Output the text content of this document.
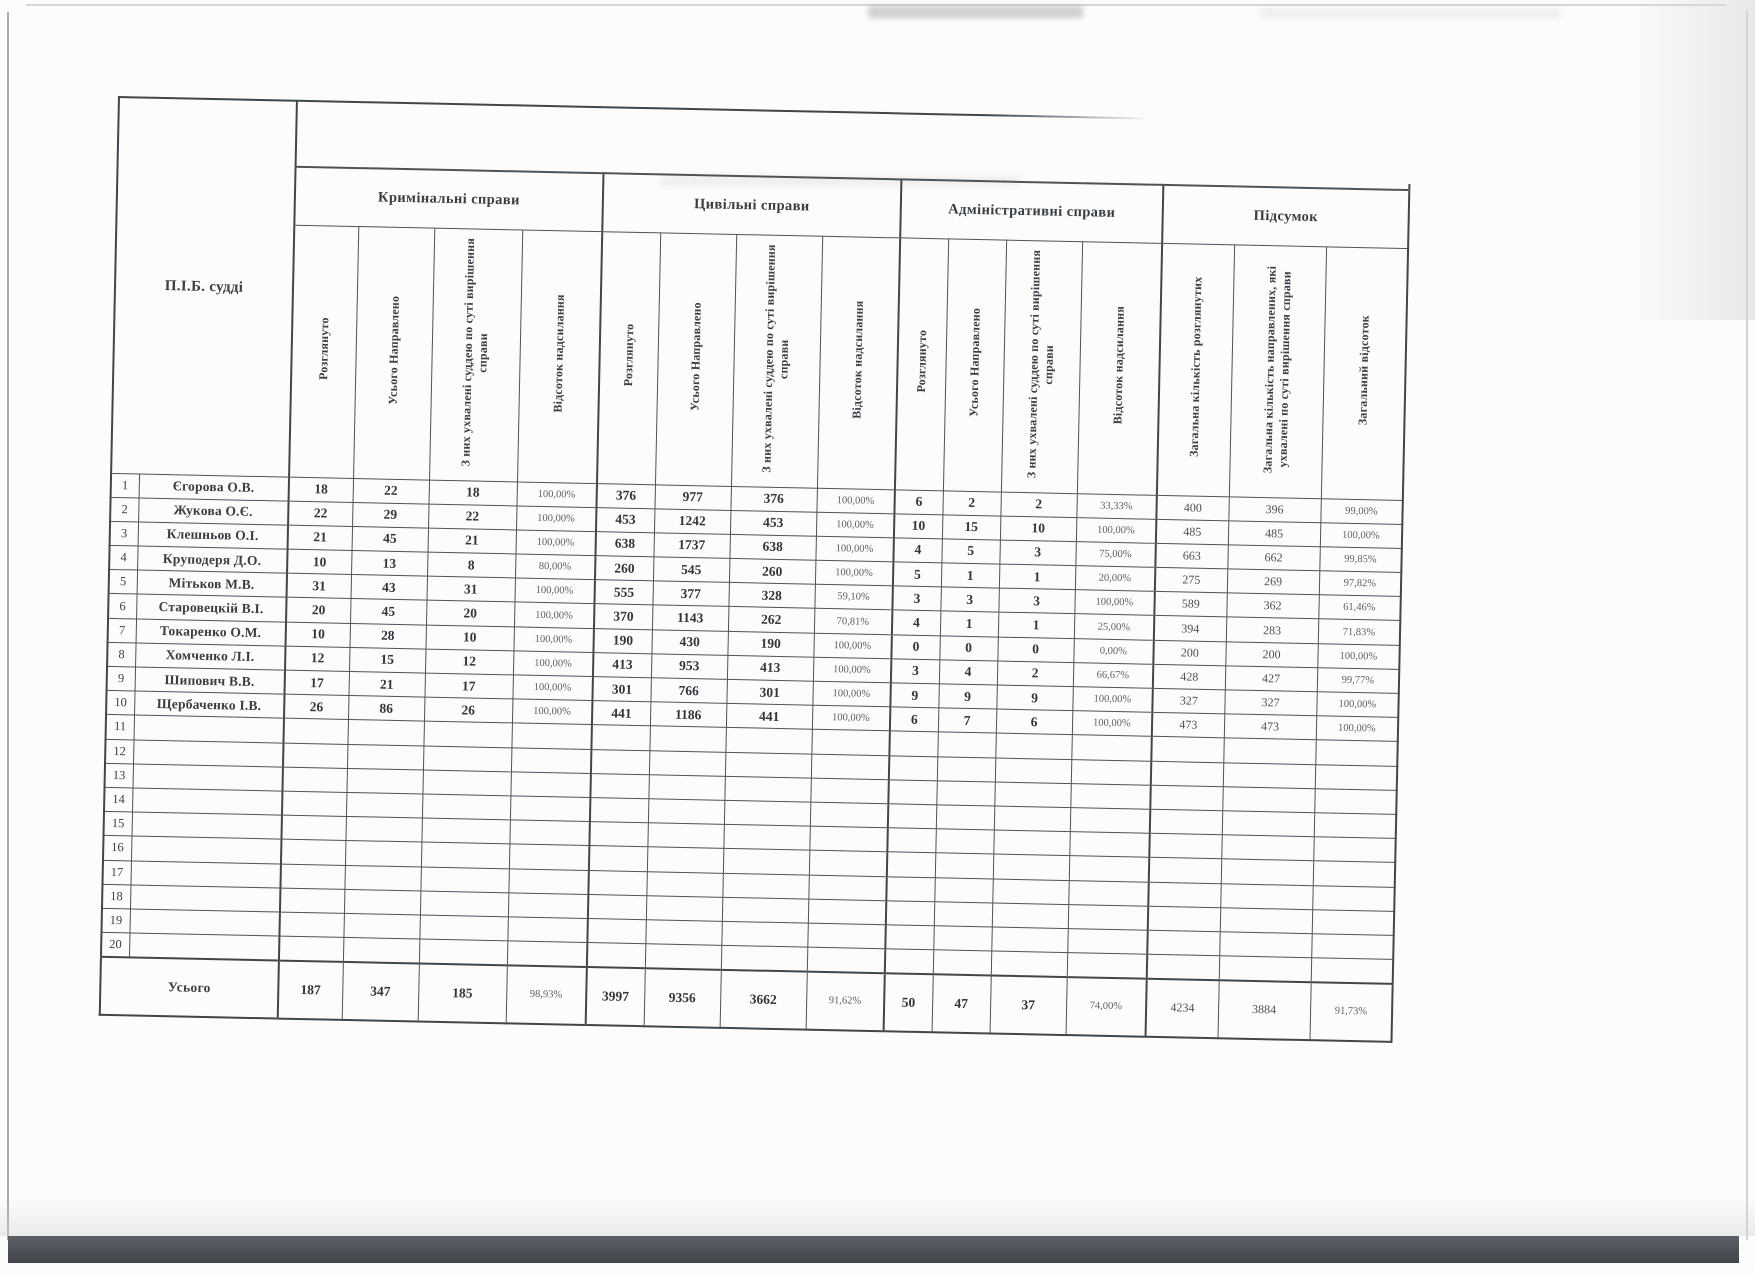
П.І.Б. судді																
		Кримінальні справи				Цивільні справи				Адміністративні справи				Підсумок		
		Розглянуто	Усього Направлено	З них ухвалені суддею по суті вирішення справи	Відсоток надсилання	Розглянуто	Усього Направлено	З них ухвалені суддею по суті вирішення справи	Відсоток надсилання	Розглянуто	Усього Направлено	З них ухвалені суддею по суті вирішення справи	Відсоток надсилання	Загальна кількість розглянутих	Загальна кількість направлених, які ухвалені по суті вирішення справи	Загальний відсоток
1	Єгорова О.В.	18	22	18	100,00%	376	977	376	100,00%	6	2	2	33,33%	400	396	99,00%
2	Жукова О.Є.	22	29	22	100,00%	453	1242	453	100,00%	10	15	10	100,00%	485	485	100,00%
3	Клешньов О.І.	21	45	21	100,00%	638	1737	638	100,00%	4	5	3	75,00%	663	662	99,85%
4	Круподеря Д.О.	10	13	8	80,00%	260	545	260	100,00%	5	1	1	20,00%	275	269	97,82%
5	Мітьков М.В.	31	43	31	100,00%	555	377	328	59,10%	3	3	3	100,00%	589	362	61,46%
6	Старовецкій В.І.	20	45	20	100,00%	370	1143	262	70,81%	4	1	1	25,00%	394	283	71,83%
7	Токаренко О.М.	10	28	10	100,00%	190	430	190	100,00%	0	0	0	0,00%	200	200	100,00%
8	Хомченко Л.І.	12	15	12	100,00%	413	953	413	100,00%	3	4	2	66,67%	428	427	99,77%
9	Шипович В.В.	17	21	17	100,00%	301	766	301	100,00%	9	9	9	100,00%	327	327	100,00%
10	Щербаченко І.В.	26	86	26	100,00%	441	1186	441	100,00%	6	7	6	100,00%	473	473	100,00%
11																
12																
13																
14																
15																
16																
17																
18																
19																
20																
Усього		187	347	185	98,93%	3997	9356	3662	91,62%	50	47	37	74,00%	4234	3884	91,73%
